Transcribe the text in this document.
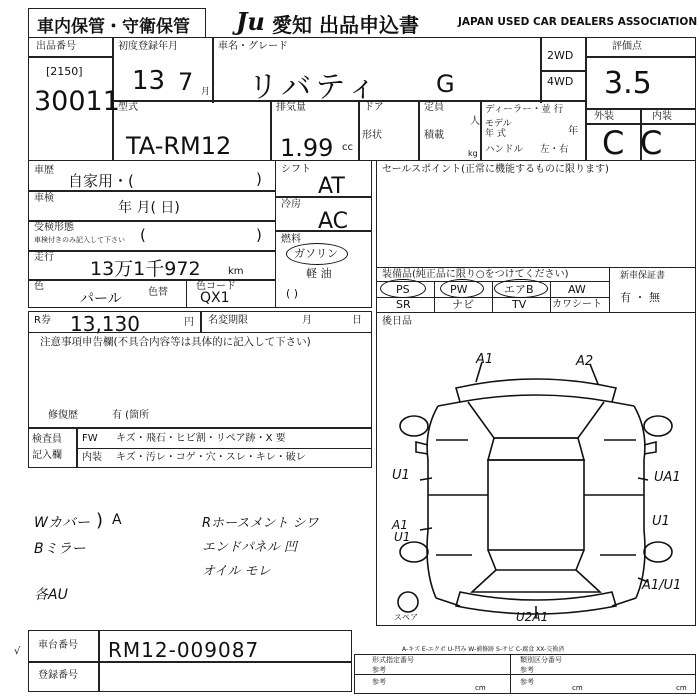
車内保管・守衛保管 Ju 愛知 出品申込書	JAPAN USED CAR DEALERS ASSOCIATION
出品番号
[2150]
30011
初度登録年月
13 7 月
車名・グレード
リバティ G
2WD
4WD
評価点
3.5
外装	内装
C C
型式
TA-RM12
排気量
1.99 cc
ドア
形状
定員
人
積載
kg
ディーラー・並 行
モデル
年 式	年
ハンドル 左・右
車歴
自家用・(	)
車検
年 月( 日)
受検形態
車検付きのみ記入して下さい (	)
走行
13万1千972	km
色
パール	色替
色コード
QX1
シフト
AT
冷房
AC
燃料
ガソリン
軽 油
( )
セールスポイント(正常に機能するものに限ります)
装備品(純正品に限り○をつけてください)
PS	PW	エアB	AW
SR	ナビ	TV	カワシート
新車保証書
有 ・ 無
R券 13,130	円 名変期限	月	日 後日品
注意事項申告欄(不具合内容等は具体的に記入して下さい)
修復歴	有 (箇所
検査員
記入欄
FW キズ・飛石・ヒビ割・リペア跡・X 要
内装 キズ・汚レ・コゲ・穴・スレ・キレ・破レ
Wカバー ) A
Bミラー
Rホースメント シワ
エンドパネル 凹
オイル モレ
各AU
A1	A2
U1	UA1
A1
U1
U1
A1/U1
U2A1
スペア
A-キズ E-エクボ U-凹み W-補修跡 S-サビ C-腐食 XX-交換済
√
車台番号 RM12-009087
登録番号
形式指定番号
参考
類別区分番号
参考
参考	参考
cm	cm	cm
